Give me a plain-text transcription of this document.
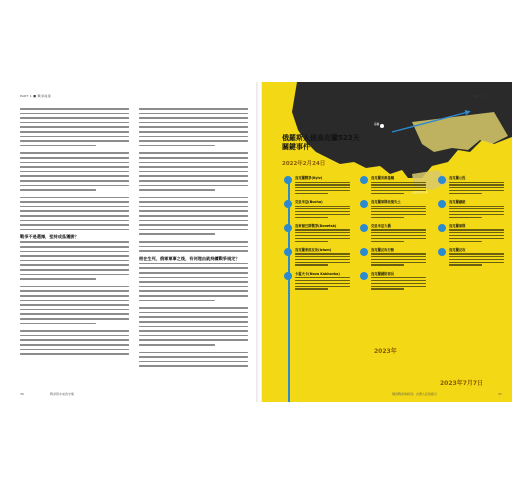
PART 1 ■ 戰爭前線
戰爭不是選擇，堅持成爲獲勝？
根在生死，俄軍軍事之後，有何理由就持續戰爭規定？
36	戰爭與未來的守衛
PART 1 ■ 戰爭前線
基輔
克里米亞半島
俄羅斯入侵烏克蘭523天
關鍵事件
2022年2月24日
烏克蘭戰爭(Kyiv)
克里米亞(Bucha)
烏東頓巴斯戰爭(Donetsk)
烏克蘭東部反攻(Izium)
卡霍夫卡(Nova Kakhovka)
烏克蘭首都基輔
烏克蘭軍隊收復失土
克里米亞大橋
烏克蘭反攻行動
烏克蘭國防部長
烏克蘭公投
烏克蘭總統
烏克蘭軍隊
烏克蘭反攻
2023年
2023年7月7日
俄烏戰爭的時刻：台灣人民的啟示	37
